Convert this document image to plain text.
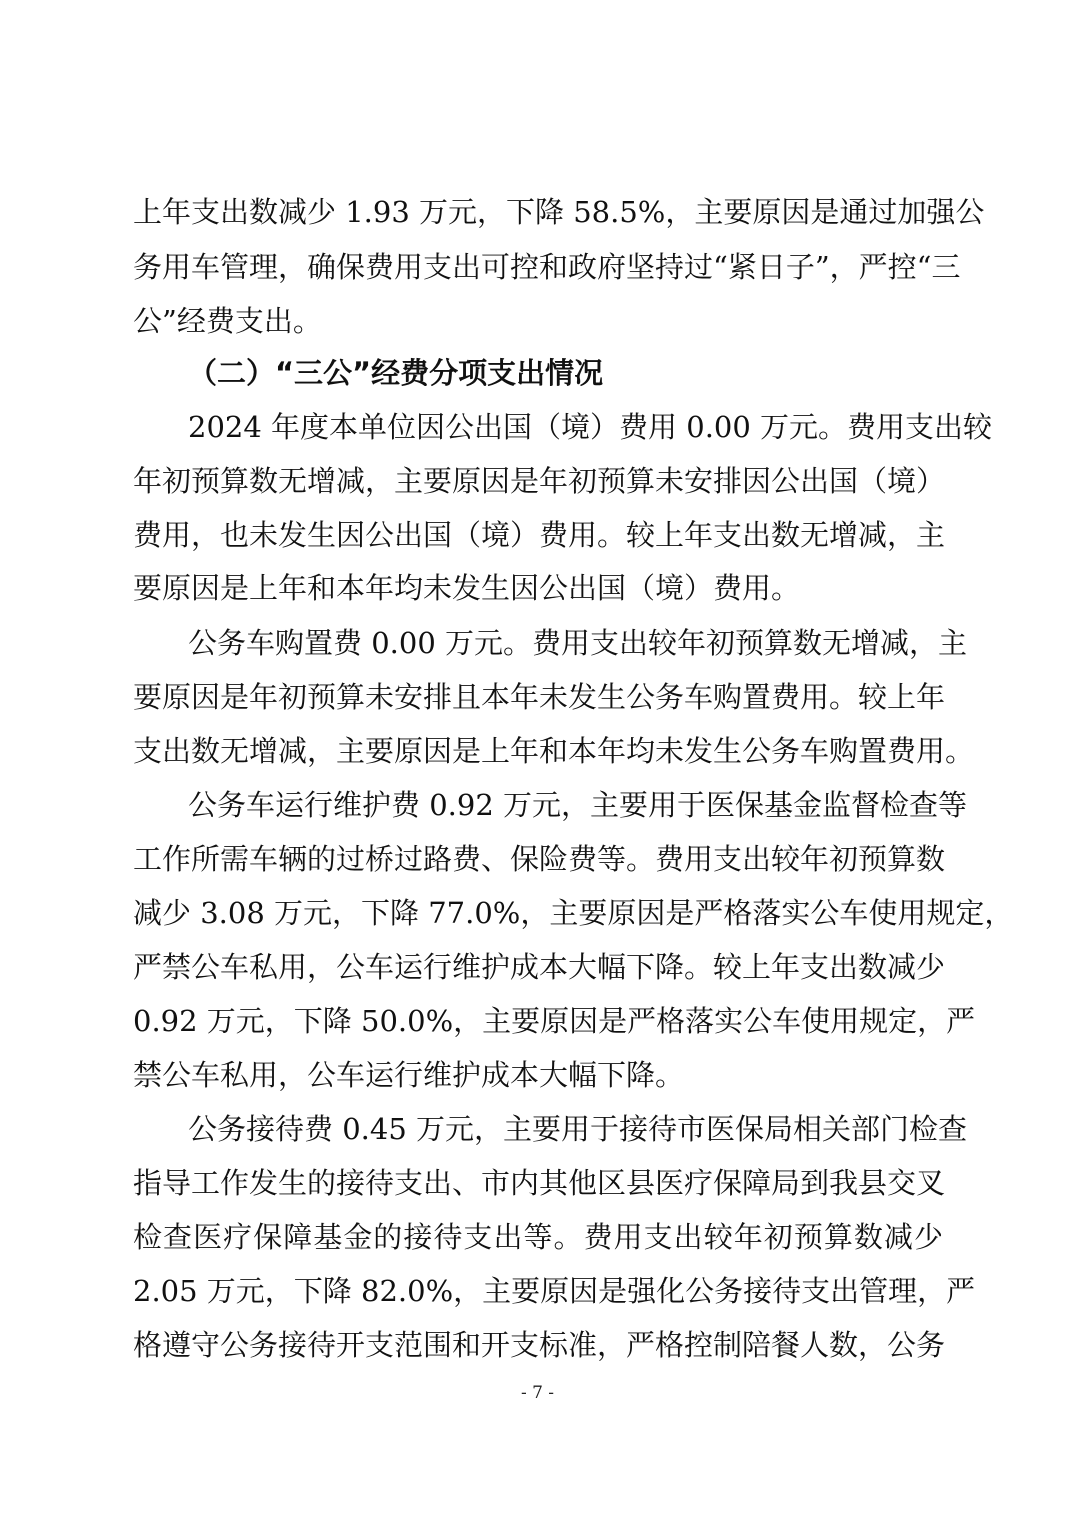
上年支出数减少 1.93 万元，下降 58.5%，主要原因是通过加强公
务用车管理，确保费用支出可控和政府坚持过“紧日子”，严控“三
公”经费支出。
（二）“三公”经费分项支出情况
2024 年度本单位因公出国（境）费用 0.00 万元。费用支出较
年初预算数无增减，主要原因是年初预算未安排因公出国（境）
费用，也未发生因公出国（境）费用。较上年支出数无增减，主
要原因是上年和本年均未发生因公出国（境）费用。
公务车购置费 0.00 万元。费用支出较年初预算数无增减，主
要原因是年初预算未安排且本年未发生公务车购置费用。较上年
支出数无增减，主要原因是上年和本年均未发生公务车购置费用。
公务车运行维护费 0.92 万元，主要用于医保基金监督检查等
工作所需车辆的过桥过路费、保险费等。费用支出较年初预算数
减少 3.08 万元，下降 77.0%，主要原因是严格落实公车使用规定，
严禁公车私用，公车运行维护成本大幅下降。较上年支出数减少
0.92 万元，下降 50.0%，主要原因是严格落实公车使用规定，严
禁公车私用，公车运行维护成本大幅下降。
公务接待费 0.45 万元，主要用于接待市医保局相关部门检查
指导工作发生的接待支出、市内其他区县医疗保障局到我县交叉
检查医疗保障基金的接待支出等。费用支出较年初预算数减少
2.05 万元，下降 82.0%，主要原因是强化公务接待支出管理，严
格遵守公务接待开支范围和开支标准，严格控制陪餐人数，公务
- 7 -
